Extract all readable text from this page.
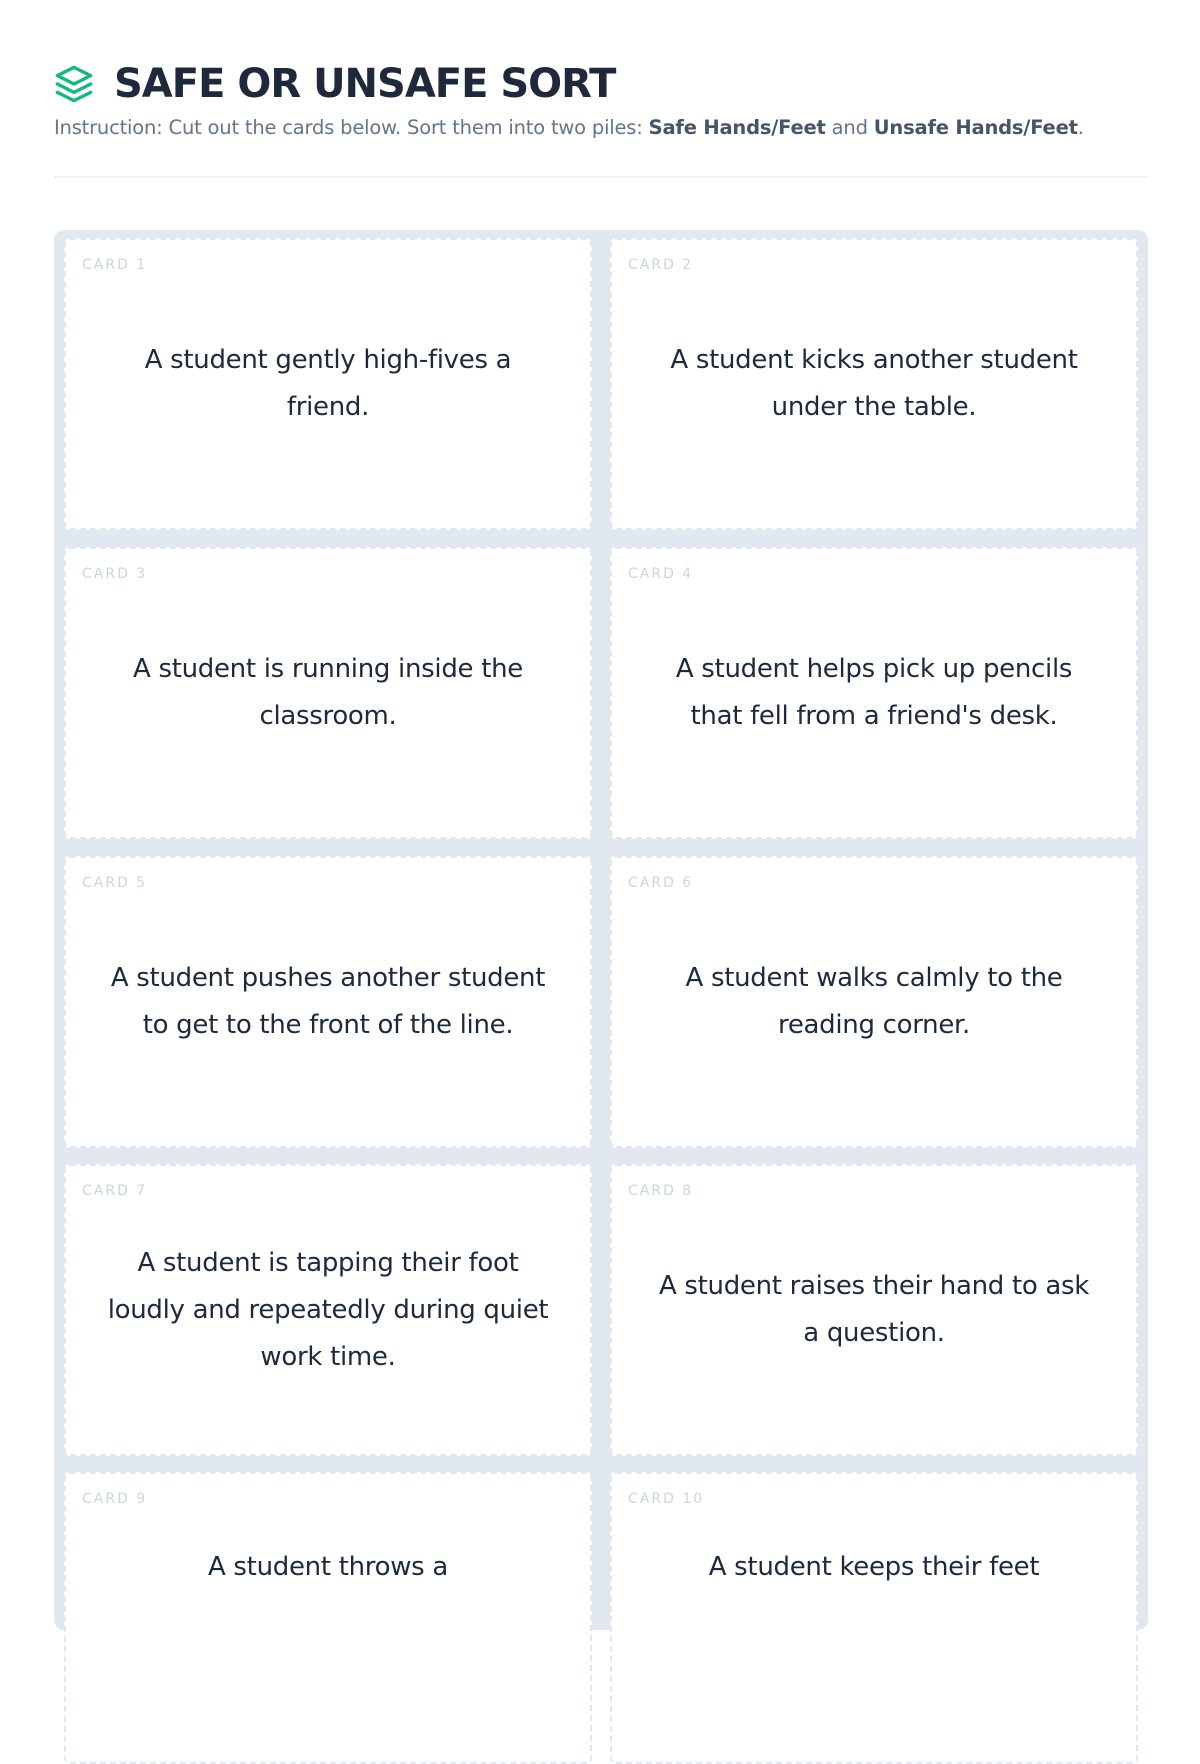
SAFE OR UNSAFE SORT
Instruction: Cut out the cards below. Sort them into two piles: Safe Hands/Feet and Unsafe Hands/Feet.
CARD 1
A student gently high-fives a friend.
CARD 2
A student kicks another student under the table.
CARD 3
A student is running inside the classroom.
CARD 4
A student helps pick up pencils that fell from a friend's desk.
CARD 5
A student pushes another student to get to the front of the line.
CARD 6
A student walks calmly to the reading corner.
CARD 7
A student is tapping their foot loudly and repeatedly during quiet work time.
CARD 8
A student raises their hand to ask a question.
CARD 9
A student throws a
CARD 10
A student keeps their feet
